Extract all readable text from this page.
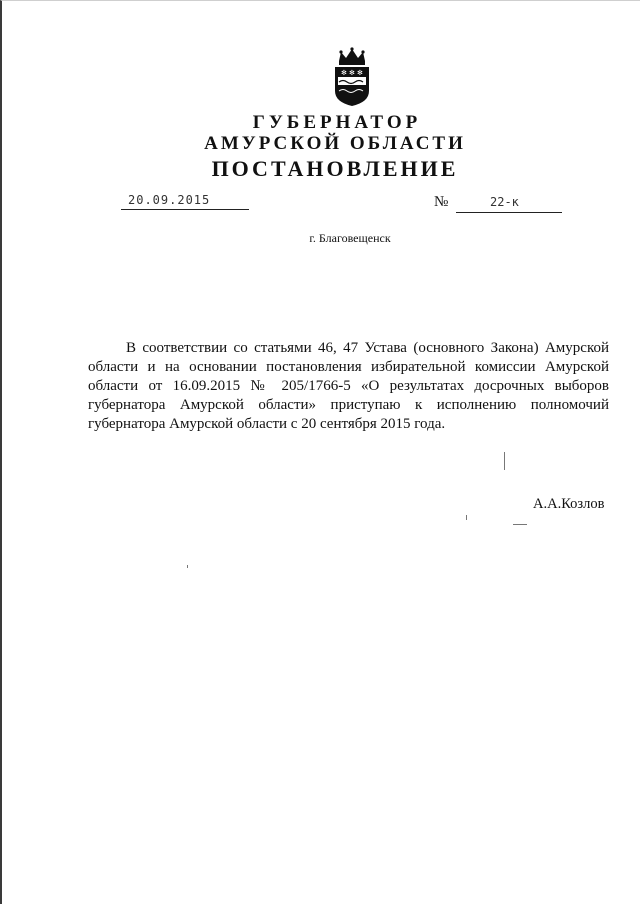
✻ ✻ ✻
ГУБЕРНАТОР
АМУРСКОЙ ОБЛАСТИ
ПОСТАНОВЛЕНИЕ
20.09.2015	№	22-к
г. Благовещенск
В соответствии со статьями 46, 47 Устава (основного Закона) Амурской области и на основании постановления избирательной комиссии Амурской области от 16.09.2015 № 205/1766-5 «О результатах досрочных выборов губернатора Амурской области» приступаю к исполнению полномочий губернатора Амурской области с 20 сентября 2015 года.
А.А.Козлов
